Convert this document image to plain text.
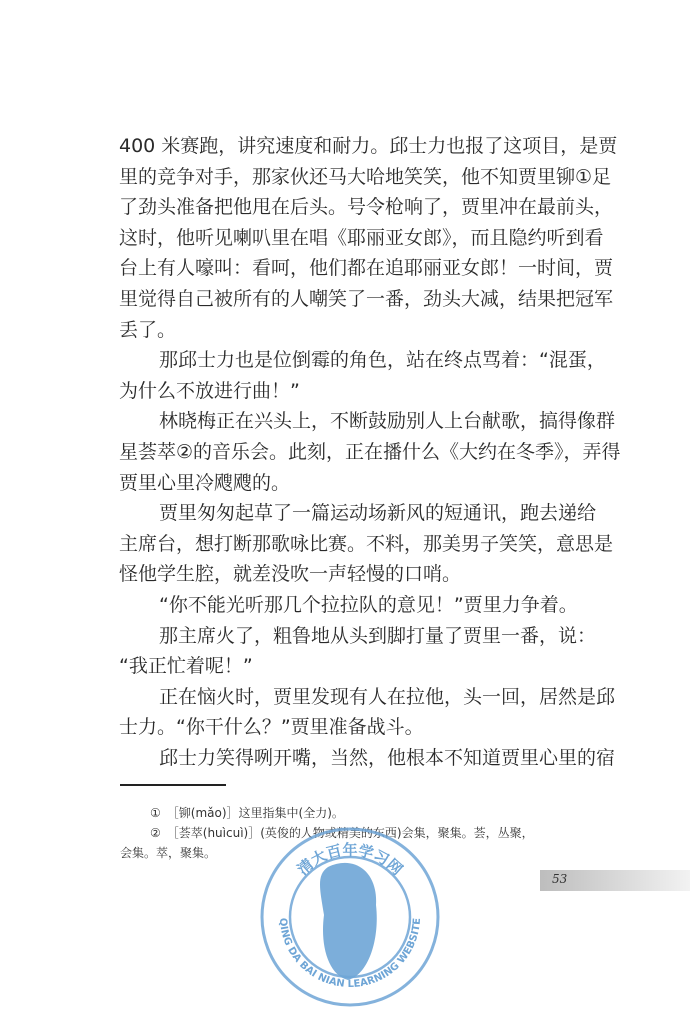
400 米赛跑，讲究速度和耐力。邱士力也报了这项目，是贾
里的竞争对手，那家伙还马大哈地笑笑，他不知贾里铆①足
了劲头准备把他甩在后头。号令枪响了，贾里冲在最前头，
这时，他听见喇叭里在唱《耶丽亚女郎》，而且隐约听到看
台上有人嚎叫：看呵，他们都在追耶丽亚女郎！一时间，贾
里觉得自己被所有的人嘲笑了一番，劲头大减，结果把冠军
丢了。
那邱士力也是位倒霉的角色，站在终点骂着：“混蛋，
为什么不放进行曲！”
林晓梅正在兴头上，不断鼓励别人上台献歌，搞得像群
星荟萃②的音乐会。此刻，正在播什么《大约在冬季》，弄得
贾里心里冷飕飕的。
贾里匆匆起草了一篇运动场新风的短通讯，跑去递给
主席台，想打断那歌咏比赛。不料，那美男子笑笑，意思是
怪他学生腔，就差没吹一声轻慢的口哨。
“你不能光听那几个拉拉队的意见！”贾里力争着。
那主席火了，粗鲁地从头到脚打量了贾里一番，说：
“我正忙着呢！”
正在恼火时，贾里发现有人在拉他，头一回，居然是邱
士力。“你干什么？”贾里准备战斗。
邱士力笑得咧开嘴，当然，他根本不知道贾里心里的宿
①　［铆(mǎo)］这里指集中(全力)。
②　［荟萃(huìcuì)］(英俊的人物或精美的东西)会集，聚集。荟，丛聚，
会集。萃，聚集。
53
清大百年学习网
QING DA BAI NIAN LEARNING WEBSITE
